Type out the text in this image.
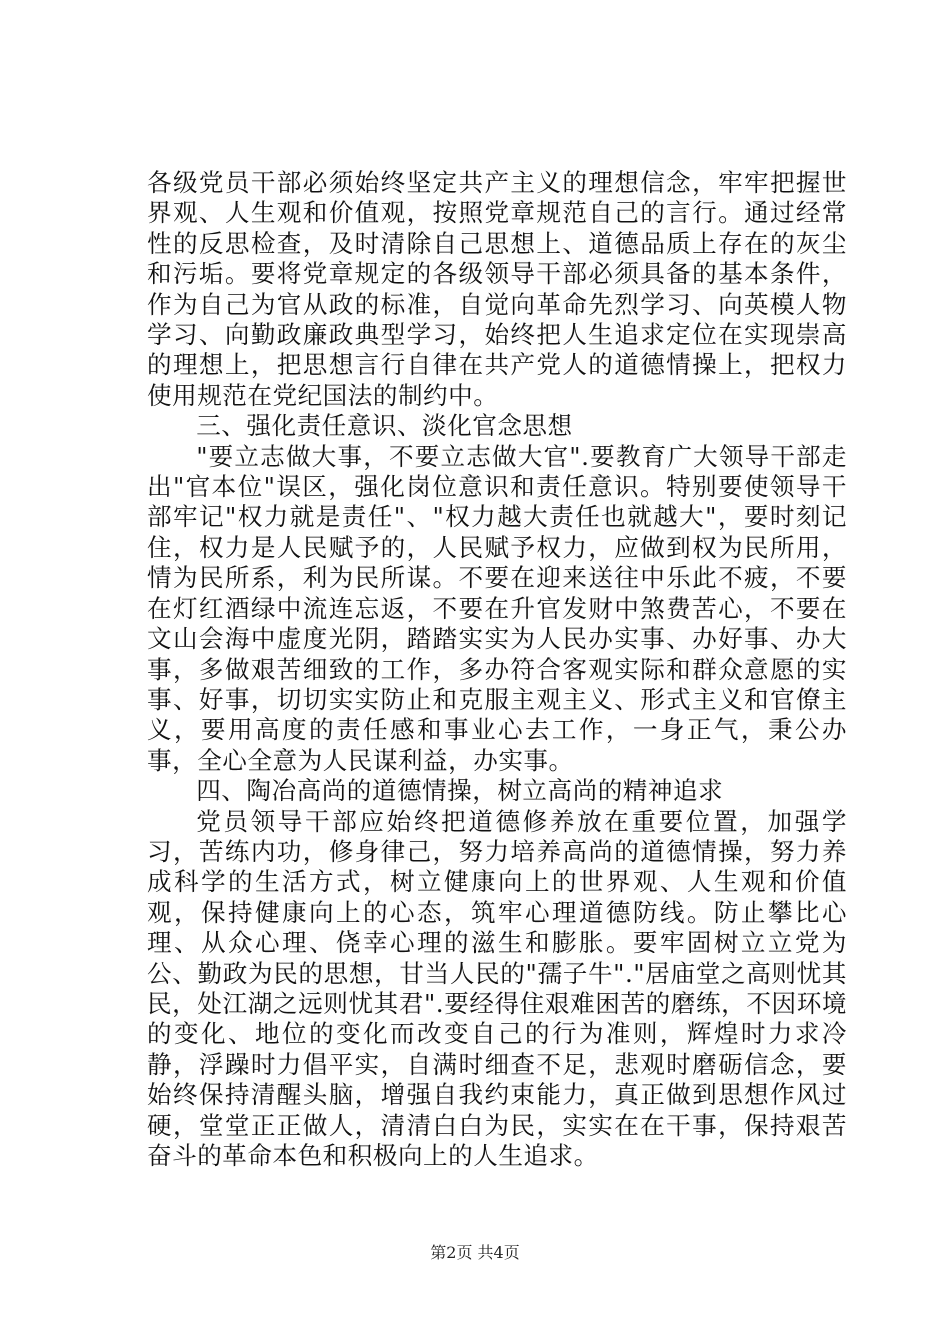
各级党员干部必须始终坚定共产主义的理想信念，牢牢把握世界观、人生观和价值观，按照党章规范自己的言行。通过经常性的反思检查，及时清除自己思想上、道德品质上存在的灰尘和污垢。要将党章规定的各级领导干部必须具备的基本条件，作为自己为官从政的标准，自觉向革命先烈学习、向英模人物学习、向勤政廉政典型学习，始终把人生追求定位在实现崇高的理想上，把思想言行自律在共产党人的道德情操上，把权力使用规范在党纪国法的制约中。

三、强化责任意识、淡化官念思想

"要立志做大事，不要立志做大官".要教育广大领导干部走出"官本位"误区，强化岗位意识和责任意识。特别要使领导干部牢记"权力就是责任"、"权力越大责任也就越大"，要时刻记住，权力是人民赋予的，人民赋予权力，应做到权为民所用，情为民所系，利为民所谋。不要在迎来送往中乐此不疲，不要在灯红酒绿中流连忘返，不要在升官发财中煞费苦心，不要在文山会海中虚度光阴，踏踏实实为人民办实事、办好事、办大事，多做艰苦细致的工作，多办符合客观实际和群众意愿的实事、好事，切切实实防止和克服主观主义、形式主义和官僚主义，要用高度的责任感和事业心去工作，一身正气，秉公办事，全心全意为人民谋利益，办实事。

四、陶冶高尚的道德情操，树立高尚的精神追求

党员领导干部应始终把道德修养放在重要位置，加强学习，苦练内功，修身律己，努力培养高尚的道德情操，努力养成科学的生活方式，树立健康向上的世界观、人生观和价值观，保持健康向上的心态，筑牢心理道德防线。防止攀比心理、从众心理、侥幸心理的滋生和膨胀。要牢固树立立党为公、勤政为民的思想，甘当人民的"孺子牛"."居庙堂之高则忧其民，处江湖之远则忧其君".要经得住艰难困苦的磨练，不因环境的变化、地位的变化而改变自己的行为准则，辉煌时力求冷静，浮躁时力倡平实，自满时细查不足，悲观时磨砺信念，要始终保持清醒头脑，增强自我约束能力，真正做到思想作风过硬，堂堂正正做人，清清白白为民，实实在在干事，保持艰苦奋斗的革命本色和积极向上的人生追求。

第2页 共4页
